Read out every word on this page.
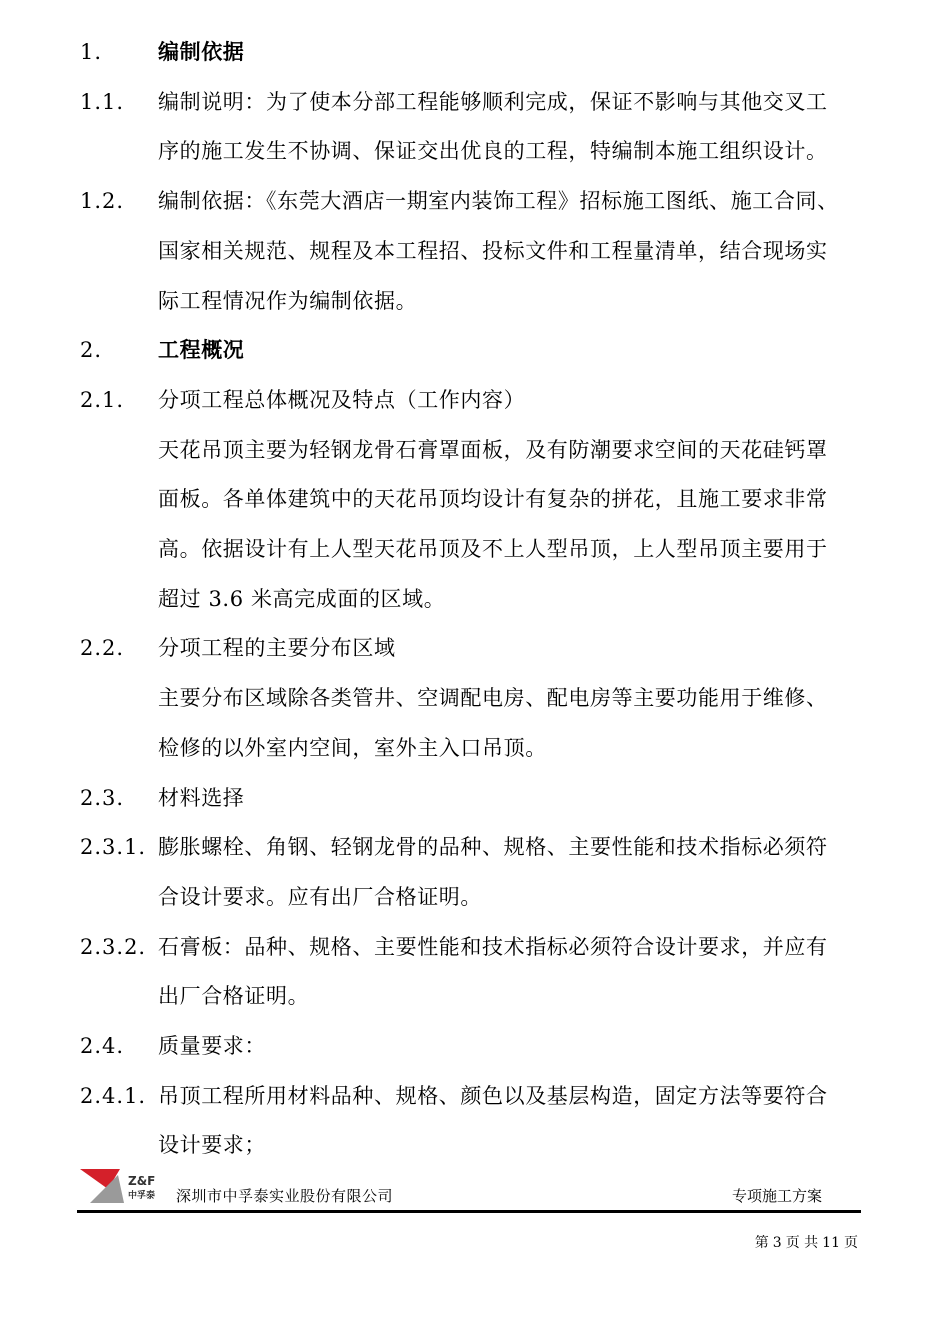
1.	编制依据
1.1. 编制说明：为了使本分部工程能够顺利完成，保证不影响与其他交叉工
序的施工发生不协调、保证交出优良的工程，特编制本施工组织设计。
1.2. 编制依据：《东莞大酒店一期室内装饰工程》招标施工图纸、施工合同、
国家相关规范、规程及本工程招、投标文件和工程量清单，结合现场实
际工程情况作为编制依据。
2.	工程概况
2.1. 分项工程总体概况及特点（工作内容）
天花吊顶主要为轻钢龙骨石膏罩面板，及有防潮要求空间的天花硅钙罩
面板。各单体建筑中的天花吊顶均设计有复杂的拼花，且施工要求非常
高。依据设计有上人型天花吊顶及不上人型吊顶，上人型吊顶主要用于
超过 3.6 米高完成面的区域。
2.2. 分项工程的主要分布区域
主要分布区域除各类管井、空调配电房、配电房等主要功能用于维修、
检修的以外室内空间，室外主入口吊顶。
2.3. 材料选择
2.3.1. 膨胀螺栓、角钢、轻钢龙骨的品种、规格、主要性能和技术指标必须符
合设计要求。应有出厂合格证明。
2.3.2. 石膏板：品种、规格、主要性能和技术指标必须符合设计要求，并应有
出厂合格证明。
2.4. 质量要求：
2.4.1. 吊顶工程所用材料品种、规格、颜色以及基层构造，固定方法等要符合
设计要求；
Z&F
中孚泰 深圳市中孚泰实业股份有限公司	专项施工方案
第 3 页 共 11 页
